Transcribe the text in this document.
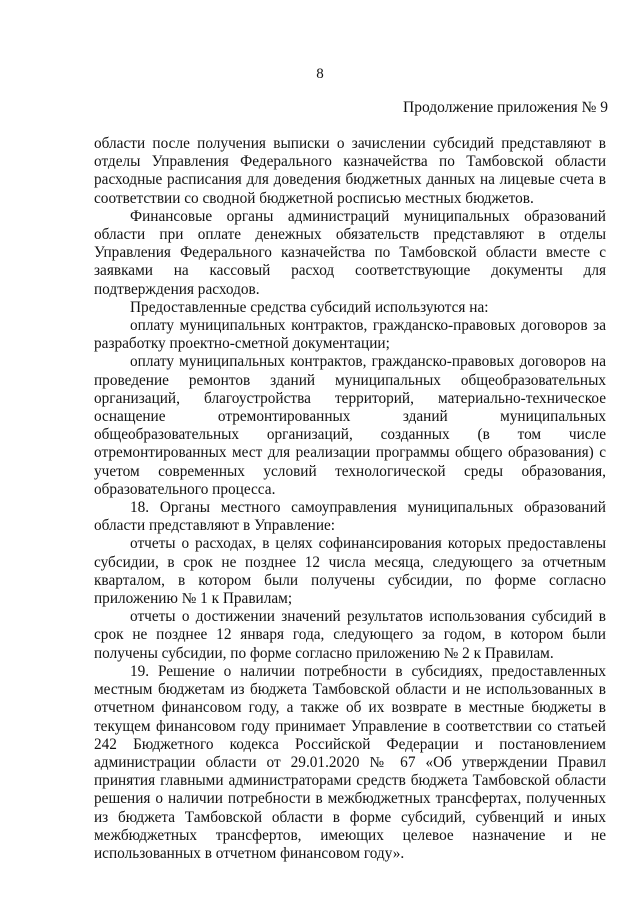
8
Продолжение приложения № 9

области после получения выписки о зачислении субсидий представляют в отделы Управления Федерального казначейства по Тамбовской области расходные расписания для доведения бюджетных данных на лицевые счета в соответствии со сводной бюджетной росписью местных бюджетов.

Финансовые органы администраций муниципальных образований области при оплате денежных обязательств представляют в отделы Управления Федерального казначейства по Тамбовской области вместе с заявками на кассовый расход соответствующие документы для подтверждения расходов.

Предоставленные средства субсидий используются на:

оплату муниципальных контрактов, гражданско-правовых договоров за разработку проектно-сметной документации;

оплату муниципальных контрактов, гражданско-правовых договоров на проведение ремонтов зданий муниципальных общеобразовательных организаций, благоустройства территорий, материально-техническое оснащение отремонтированных зданий муниципальных общеобразовательных организаций, созданных (в том числе отремонтированных мест для реализации программы общего образования) с учетом современных условий технологической среды образования, образовательного процесса.

18. Органы местного самоуправления муниципальных образований области представляют в Управление:

отчеты о расходах, в целях софинансирования которых предоставлены субсидии, в срок не позднее 12 числа месяца, следующего за отчетным кварталом, в котором были получены субсидии, по форме согласно приложению № 1 к Правилам;

отчеты о достижении значений результатов использования субсидий в срок не позднее 12 января года, следующего за годом, в котором были получены субсидии, по форме согласно приложению № 2 к Правилам.

19. Решение о наличии потребности в субсидиях, предоставленных местным бюджетам из бюджета Тамбовской области и не использованных в отчетном финансовом году, а также об их возврате в местные бюджеты в текущем финансовом году принимает Управление в соответствии со статьей 242 Бюджетного кодекса Российской Федерации и постановлением администрации области от 29.01.2020 № 67 «Об утверждении Правил принятия главными администраторами средств бюджета Тамбовской области решения о наличии потребности в межбюджетных трансфертах, полученных из бюджета Тамбовской области в форме субсидий, субвенций и иных межбюджетных трансфертов, имеющих целевое назначение и не использованных в отчетном финансовом году».
